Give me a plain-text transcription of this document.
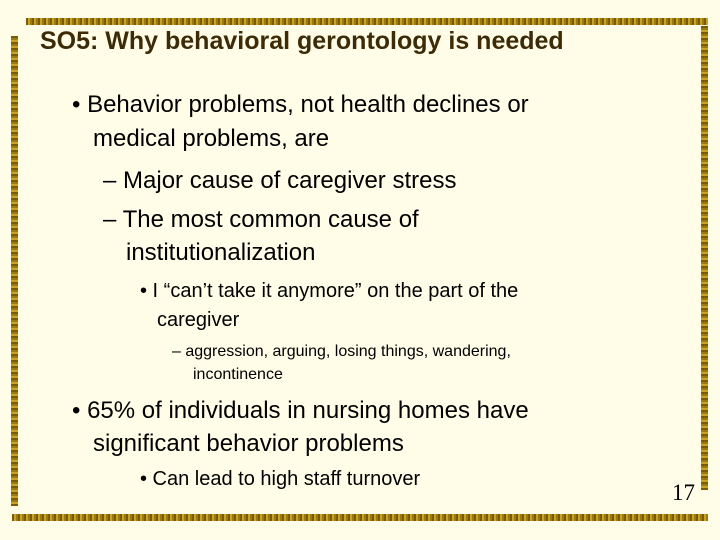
SO5: Why behavioral gerontology is needed
• Behavior problems, not health declines or
medical problems, are
– Major cause of caregiver stress
– The most common cause of
institutionalization
• I “can’t take it anymore” on the part of the
caregiver
– aggression, arguing, losing things, wandering,
incontinence
• 65% of individuals in nursing homes have
significant behavior problems
• Can lead to high staff turnover
17
